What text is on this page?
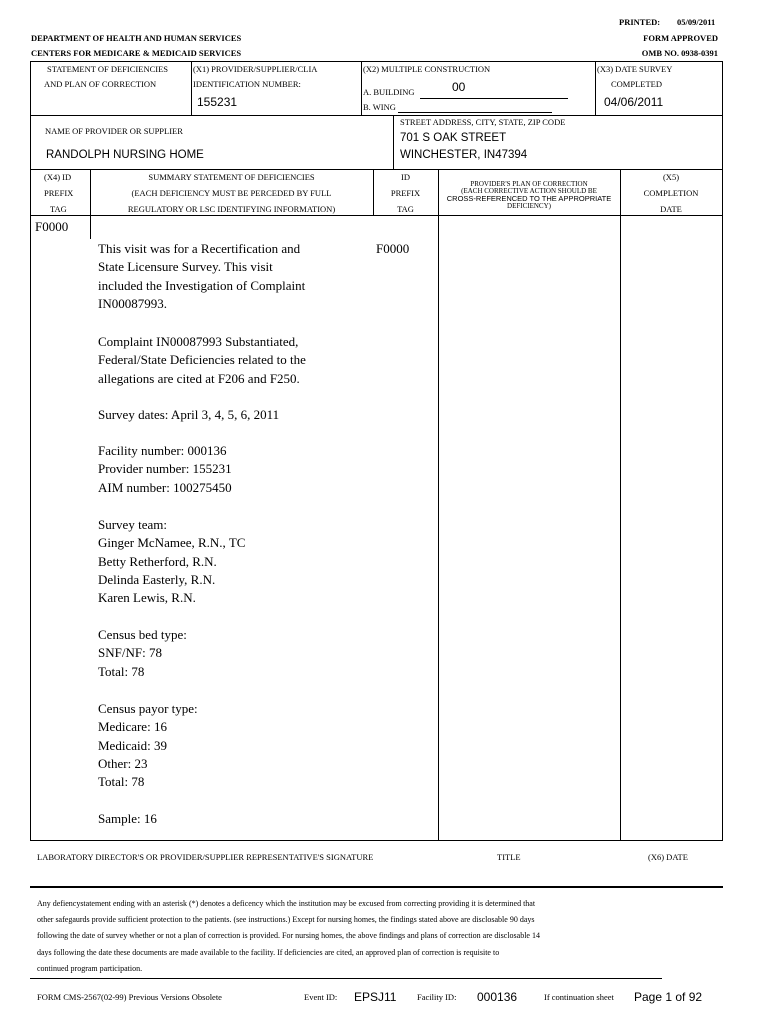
PRINTED: 05/09/2011
DEPARTMENT OF HEALTH AND HUMAN SERVICES
CENTERS FOR MEDICARE & MEDICAID SERVICES
FORM APPROVED
OMB NO. 0938-0391
STATEMENT OF DEFICIENCIES
AND PLAN OF CORRECTION
(X1) PROVIDER/SUPPLIER/CLIA
IDENTIFICATION NUMBER:
155231
(X2) MULTIPLE CONSTRUCTION
A. BUILDING	00
B. WING
(X3) DATE SURVEY
COMPLETED
04/06/2011
NAME OF PROVIDER OR SUPPLIER
RANDOLPH NURSING HOME
STREET ADDRESS, CITY, STATE, ZIP CODE
701 S OAK STREET
WINCHESTER, IN47394
(X4) ID
PREFIX
TAG
SUMMARY STATEMENT OF DEFICIENCIES
(EACH DEFICIENCY MUST BE PERCEDED BY FULL
REGULATORY OR LSC IDENTIFYING INFORMATION)
ID
PREFIX
TAG
PROVIDER'S PLAN OF CORRECTION
(EACH CORRECTIVE ACTION SHOULD BE
CROSS-REFERENCED TO THE APPROPRIATE
DEFICIENCY)
(X5)
COMPLETION
DATE
F0000
F0000
This visit was for a Recertification and
State Licensure Survey. This visit
included the Investigation of Complaint
IN00087993.
Complaint IN00087993 Substantiated,
Federal/State Deficiencies related to the
allegations are cited at F206 and F250.
Survey dates: April 3, 4, 5, 6, 2011
Facility number: 000136
Provider number: 155231
AIM number: 100275450
Survey team:
Ginger McNamee, R.N., TC
Betty Retherford, R.N.
Delinda Easterly, R.N.
Karen Lewis, R.N.
Census bed type:
SNF/NF: 78
Total: 78
Census payor type:
Medicare: 16
Medicaid: 39
Other: 23
Total: 78
Sample: 16
LABORATORY DIRECTOR'S OR PROVIDER/SUPPLIER REPRESENTATIVE'S SIGNATURE	TITLE	(X6) DATE
Any defiencystatement ending with an asterisk (*) denotes a deficency which the institution may be excused from correcting providing it is determined that
other safegaurds provide sufficient protection to the patients. (see instructions.) Except for nursing homes, the findings stated above are disclosable 90 days
following the date of survey whether or not a plan of correction is provided. For nursing homes, the above findings and plans of correction are disclosable 14
days following the date these documents are made available to the facility. If deficiencies are cited, an approved plan of correction is requisite to
continued program participation.
FORM CMS-2567(02-99) Previous Versions Obsolete	Event ID: EPSJ11 Facility ID: 000136	If continuation sheet Page 1 of 92
